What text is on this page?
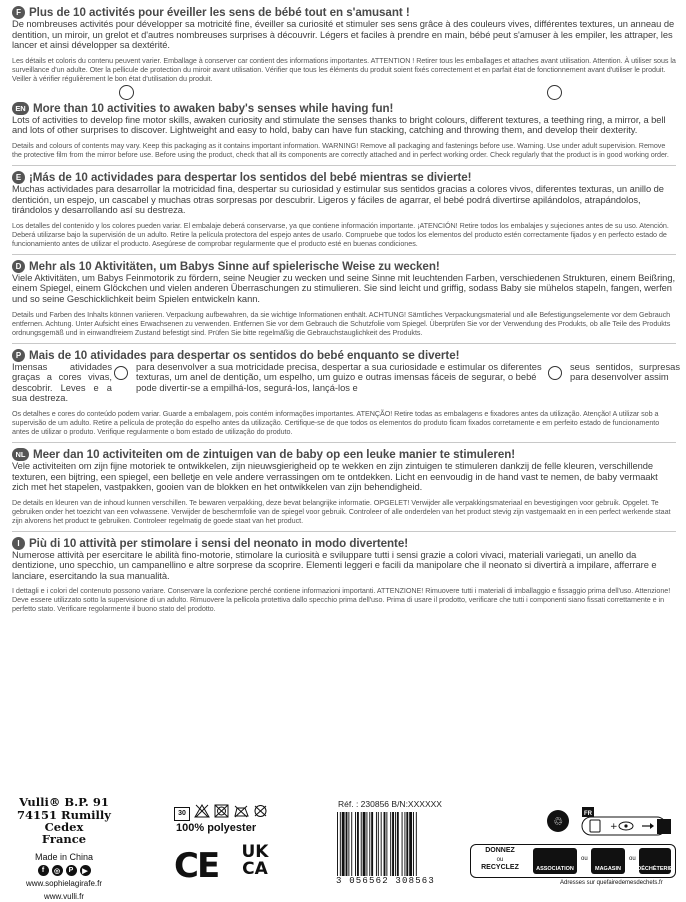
F Plus de 10 activités pour éveiller les sens de bébé tout en s'amusant !
De nombreuses activités pour développer sa motricité fine, éveiller sa curiosité et stimuler ses sens grâce à des couleurs vives, différentes textures, un anneau de dentition, un miroir, un grelot et d'autres nombreuses surprises à découvrir. Légers et faciles à prendre en main, bébé peut s'amuser à les empiler, les attraper, les lancer et ainsi développer sa dextérité.
Les détails et coloris du contenu peuvent varier. Emballage à conserver car contient des informations importantes. ATTENTION ! Retirer tous les emballages et attaches avant utilisation. Attention. À utiliser sous la surveillance d'un adulte. Oter la pellicule de protection du miroir avant utilisation. Vérifier que tous les éléments du produit soient fixés correctement et en parfait état de fonctionnement avant d'utiliser le produit. Veiller à vérifier régulièrement le bon état d'utilisation du produit.
EN More than 10 activities to awaken baby's senses while having fun!
Lots of activities to develop fine motor skills, awaken curiosity and stimulate the senses thanks to bright colours, different textures, a teething ring, a mirror, a bell and lots of other surprises to discover. Lightweight and easy to hold, baby can have fun stacking, catching and throwing them, and develop their dexterity.
Details and colours of contents may vary. Keep this packaging as it contains important information. WARNING! Remove all packaging and fastenings before use. Warning. Use under adult supervision. Remove the protective film from the mirror before use. Before using the product, check that all its components are correctly attached and in perfect working order. Check regularly that the product is in good working order.
E ¡Más de 10 actividades para despertar los sentidos del bebé mientras se divierte!
Muchas actividades para desarrollar la motricidad fina, despertar su curiosidad y estimular sus sentidos gracias a colores vivos, diferentes texturas, un anillo de dentición, un espejo, un cascabel y muchas otras sorpresas por descubrir. Ligeros y fáciles de agarrar, el bebé podrá divertirse apilándolos, atrapándolos, tirándolos y desarrollando así su destreza.
Los detalles del contenido y los colores pueden variar. El embalaje deberá conservarse, ya que contiene información importante. ¡ATENCIÓN! Retire todos los embalajes y sujeciones antes de su uso. Atención. Deberá utilizarse bajo la supervisión de un adulto. Retire la película protectora del espejo antes de usarlo. Compruebe que todos los elementos del producto estén correctamente fijados y en perfecto estado de funcionamiento antes de utilizar el producto. Asegúrese de comprobar regularmente que el producto esté en buenas condiciones.
D Mehr als 10 Aktivitäten, um Babys Sinne auf spielerische Weise zu wecken!
Viele Aktivitäten, um Babys Feinmotorik zu fördern, seine Neugier zu wecken und seine Sinne mit leuchtenden Farben, verschiedenen Strukturen, einem Beißring, einem Spiegel, einem Glöckchen und vielen anderen Überraschungen zu stimulieren. Sie sind leicht und griffig, sodass Baby sie mühelos stapeln, fangen, werfen und so seine Geschicklichkeit beim Spielen entwickeln kann.
Details und Farben des Inhalts können variieren. Verpackung aufbewahren, da sie wichtige Informationen enthält. ACHTUNG! Sämtliches Verpackungsmaterial und alle Befestigungselemente vor dem Gebrauch entfernen. Achtung. Unter Aufsicht eines Erwachsenen zu verwenden. Entfernen Sie vor dem Gebrauch die Schutzfolie vom Spiegel. Überprüfen Sie vor der Verwendung des Produkts, ob alle Teile des Produkts ordnungsgemäß und in einwandfreiem Zustand befestigt sind. Prüfen Sie bitte regelmäßig die Gebrauchstauglichkeit des Produkts.
P Mais de 10 atividades para despertar os sentidos do bebé enquanto se diverte!
Imensas atividades graças a cores vivas, descobrir. Leves e a sua destreza.
para desenvolver a sua motricidade precisa, despertar a sua curiosidade e estimular os diferentes texturas, um anel de dentição, um espelho, um guizo e outras imensas fáceis de segurar, o bebé pode divertir-se a empilhá-los, segurá-los, lançá-los e
seus sentidos, surpresas para desenvolver assim
Os detalhes e cores do conteúdo podem variar. Guarde a embalagem, pois contém informações importantes. ATENÇÃO! Retire todas as embalagens e fixadores antes da utilização. Atenção! A utilizar sob a supervisão de um adulto. Retire a película de proteção do espelho antes da utilização. Certifique-se de que todos os elementos do produto ficam fixados corretamente e em perfeito estado de funcionamento antes de utilizar o produto. Verifique regularmente o bom estado de utilização do produto.
NL Meer dan 10 activiteiten om de zintuigen van de baby op een leuke manier te stimuleren!
Vele activiteiten om zijn fijne motoriek te ontwikkelen, zijn nieuwsgierigheid op te wekken en zijn zintuigen te stimuleren dankzij de felle kleuren, verschillende texturen, een bijtring, een spiegel, een belletje en vele andere verrassingen om te ontdekken. Licht en eenvoudig in de hand vast te nemen, de baby vermaakt zich met het stapelen, vastpakken, gooien van de blokken en het ontwikkelen van zijn behendigheid.
De details en kleuren van de inhoud kunnen verschillen. Te bewaren verpakking, deze bevat belangrijke informatie. OPGELET! Verwijder alle verpakkingsmateriaal en bevestigingen voor gebruik. Opgelet. Te gebruiken onder het toezicht van een volwassene. Verwijder de beschermfolie van de spiegel voor gebruik. Controleer of alle onderdelen van het product stevig zijn vastgemaakt en in een perfect werkende staat zijn alvorens het product te gebruiken. Controleer regelmatig de goede staat van het product.
I Più di 10 attività per stimolare i sensi del neonato in modo divertente!
Numerose attività per esercitare le abilità fino-motorie, stimolare la curiosità e sviluppare tutti i sensi grazie a colori vivaci, materiali variegati, un anello da dentizione, uno specchio, un campanellino e altre sorprese da scoprire. Elementi leggeri e facili da manipolare che il neonato si divertirà a impilare, afferrare e lanciare, esercitando la sua manualità.
I dettagli e i colori del contenuto possono variare. Conservare la confezione perché contiene informazioni importanti. ATTENZIONE! Rimuovere tutti i materiali di imballaggio e fissaggio prima dell'uso. Attenzione! Deve essere utilizzato sotto la supervisione di un adulto. Rimuovere la pellicola protettiva dallo specchio prima dell'uso. Prima di usare il prodotto, verificare che tutti i componenti siano fissati correttamente e in perfetto stato. Verificare regolarmente il buono stato del prodotto.
Vulli® B.P. 91
74151 Rumilly Cedex
France
Made in China
f	◎	P	▶
www.sophielagirafe.fr
www.vulli.fr
30
100% polyester
CE	UK
CA
Réf. : 230856 B/N:XXXXXX
3 056562 308563
♲
FR
+
DONNEZ
ou
RECYCLEZ	ASSOCIATION
ou
MAGASIN
ou
DÉCHÈTERIE
Adresses sur quefairedemesdechets.fr
